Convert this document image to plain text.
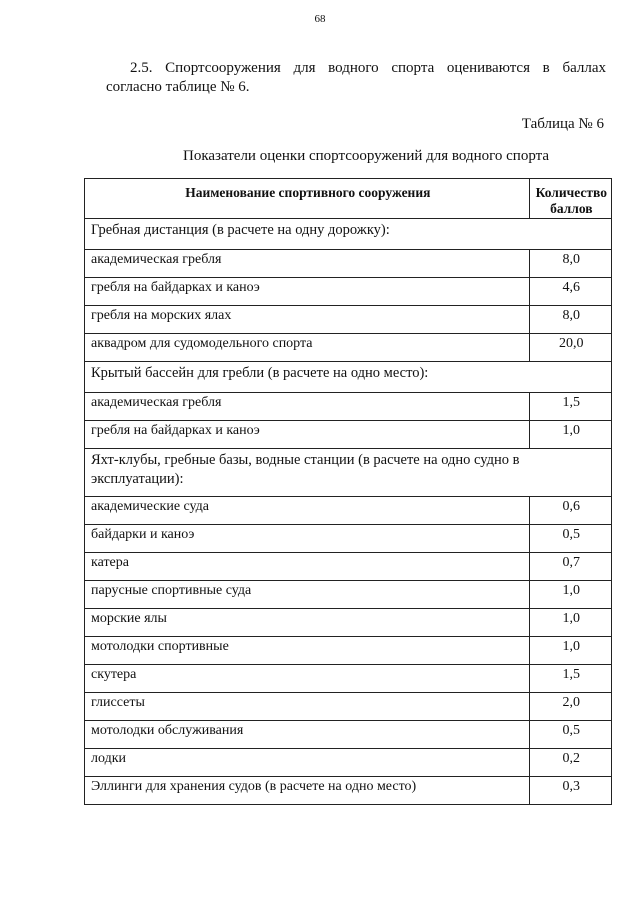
68
2.5. Спортсооружения для водного спорта оцениваются в баллах
согласно таблице № 6.
Таблица № 6
Показатели оценки спортсооружений для водного спорта
Наименование спортивного сооружения	Количество баллов
Гребная дистанция (в расчете на одну дорожку):	
академическая гребля	8,0
гребля на байдарках и каноэ	4,6
гребля на морских ялах	8,0
аквадром для судомодельного спорта	20,0
Крытый бассейн для гребли (в расчете на одно место):	
академическая гребля	1,5
гребля на байдарках и каноэ	1,0
Яхт-клубы, гребные базы, водные станции (в расчете на одно судно в эксплуатации):	
академические суда	0,6
байдарки и каноэ	0,5
катера	0,7
парусные спортивные суда	1,0
морские ялы	1,0
мотолодки спортивные	1,0
скутера	1,5
глиссеты	2,0
мотолодки обслуживания	0,5
лодки	0,2
Эллинги для хранения судов (в расчете на одно место)	0,3
